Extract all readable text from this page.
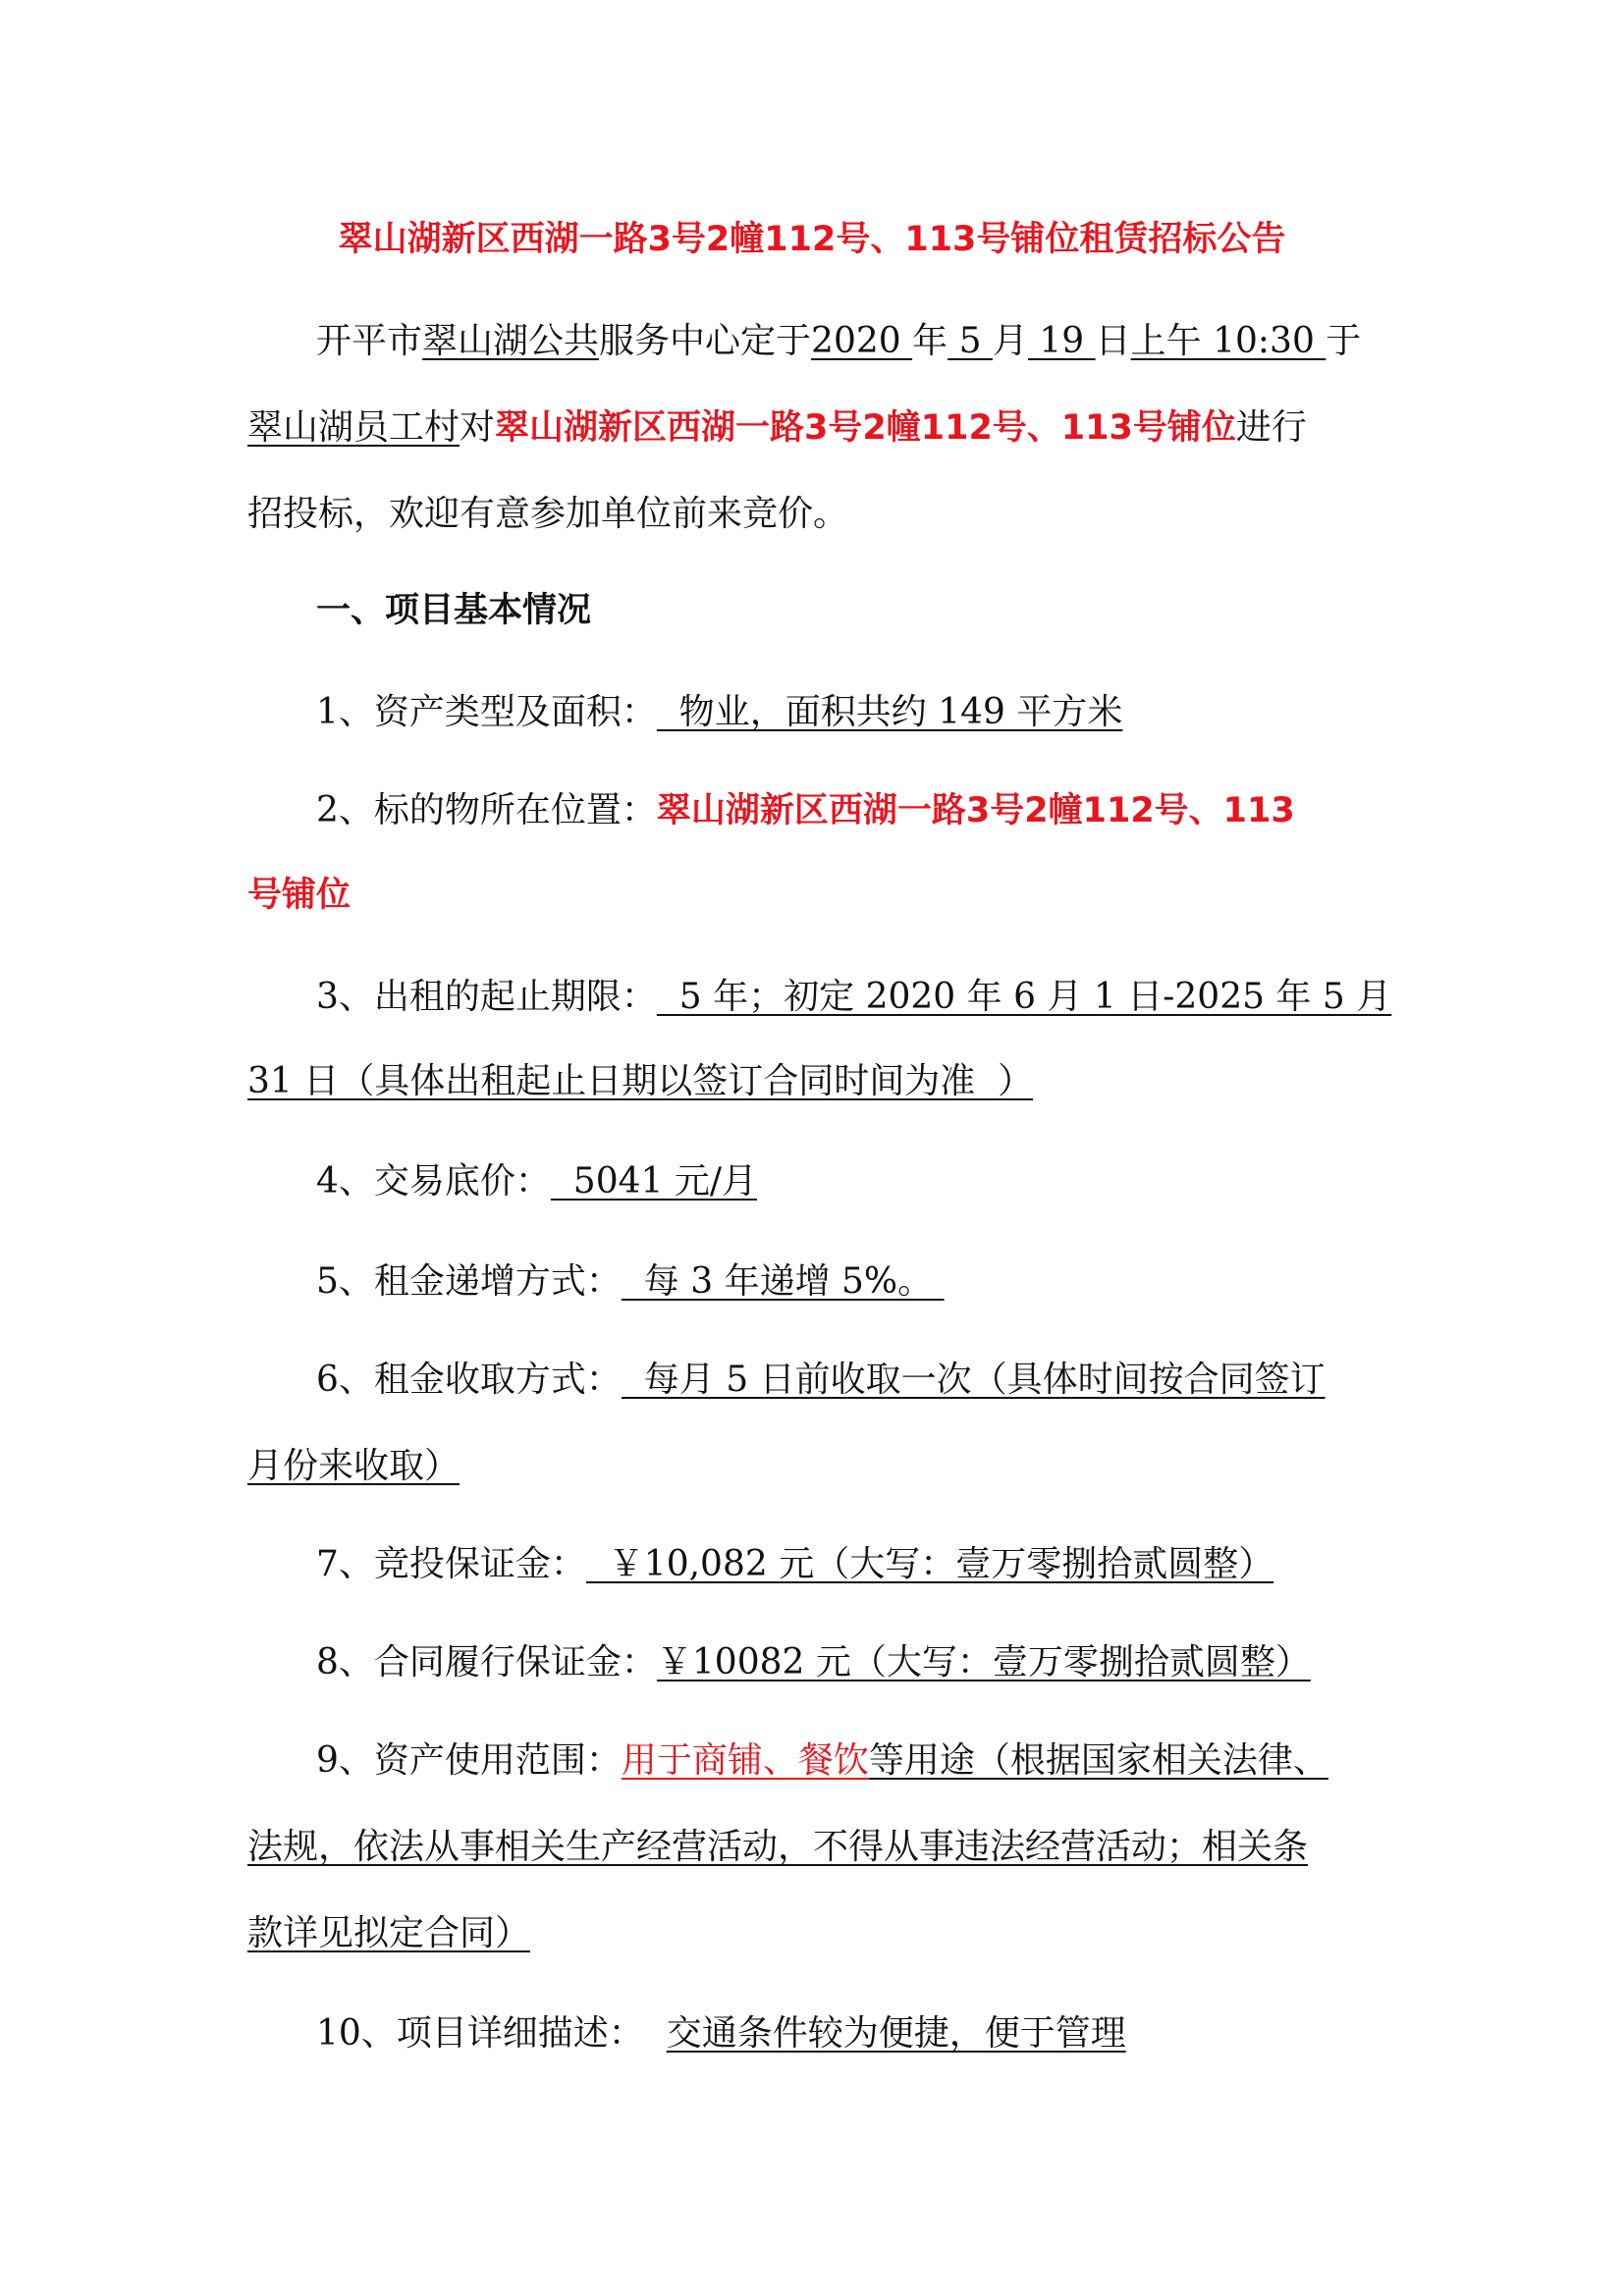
翠山湖新区西湖一路3号2幢112号、113号铺位租赁招标公告
开平市翠山湖公共服务中心定于2020 年 5 月 19 日上午 10:30 于
翠山湖员工村对翠山湖新区西湖一路3号2幢112号、113号铺位进行
招投标，欢迎有意参加单位前来竞价。
一、项目基本情况
1、资产类型及面积：  物业，面积共约 149 平方米
2、标的物所在位置：翠山湖新区西湖一路3号2幢112号、113
号铺位
3、出租的起止期限：  5 年；初定 2020 年 6 月 1 日-2025 年 5 月
31 日（具体出租起止日期以签订合同时间为准  ）
4、交易底价：  5041 元/月
5、租金递增方式：  每 3 年递增 5%。
6、租金收取方式：  每月 5 日前收取一次（具体时间按合同签订
月份来收取）
7、竞投保证金：  ￥10,082 元（大写：壹万零捌拾贰圆整）
8、合同履行保证金：￥10082 元（大写：壹万零捌拾贰圆整）
9、资产使用范围：用于商铺、餐饮等用途（根据国家相关法律、
法规，依法从事相关生产经营活动，不得从事违法经营活动；相关条
款详见拟定合同）
10、项目详细描述： 交通条件较为便捷，便于管理
